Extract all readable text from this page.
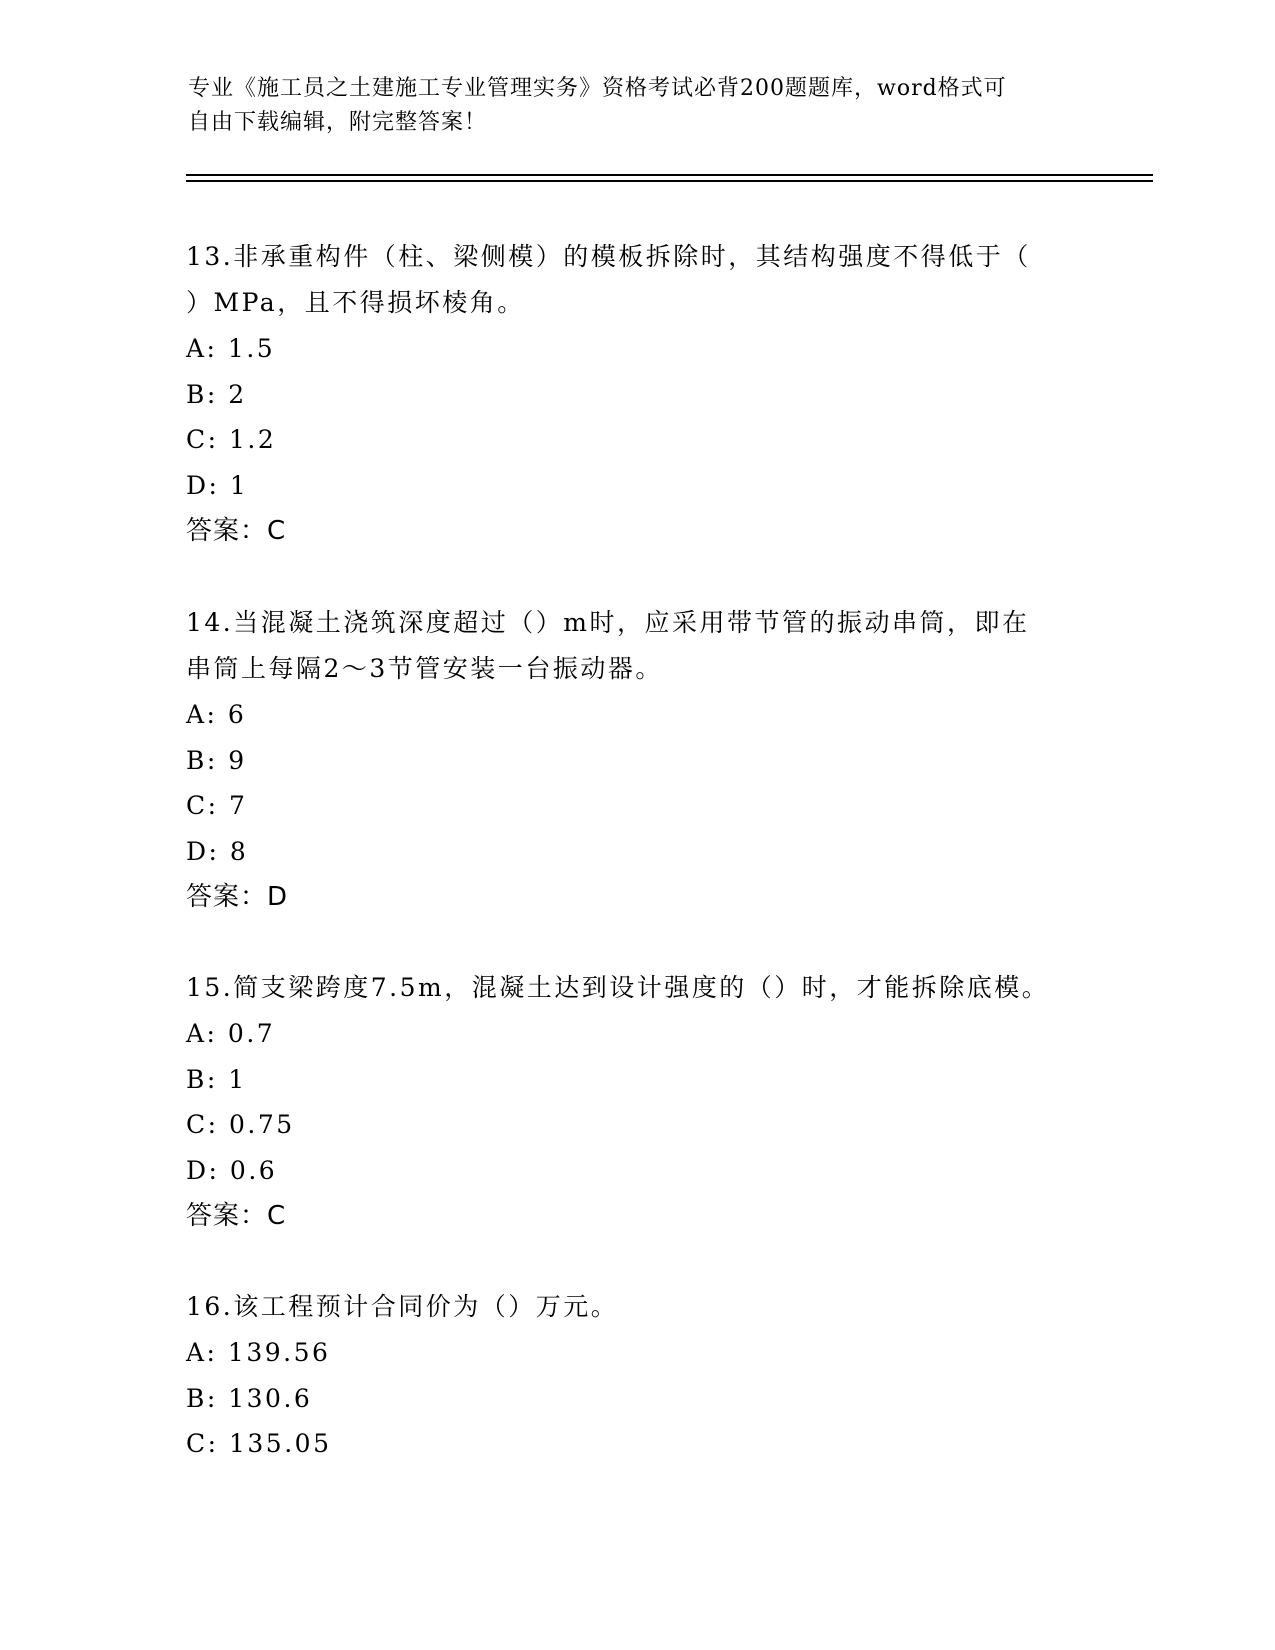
专业《施工员之土建施工专业管理实务》资格考试必背200题题库，word格式可
自由下载编辑，附完整答案！
13.非承重构件（柱、梁侧模）的模板拆除时，其结构强度不得低于（
）MPa，且不得损坏棱角。
A: 1.5
B: 2
C: 1.2
D: 1
答案：C
14.当混凝土浇筑深度超过（）m时，应采用带节管的振动串筒，即在
串筒上每隔2～3节管安装一台振动器。
A: 6
B: 9
C: 7
D: 8
答案：D
15.简支梁跨度7.5m，混凝土达到设计强度的（）时，才能拆除底模。
A: 0.7
B: 1
C: 0.75
D: 0.6
答案：C
16.该工程预计合同价为（）万元。
A: 139.56
B: 130.6
C: 135.05
